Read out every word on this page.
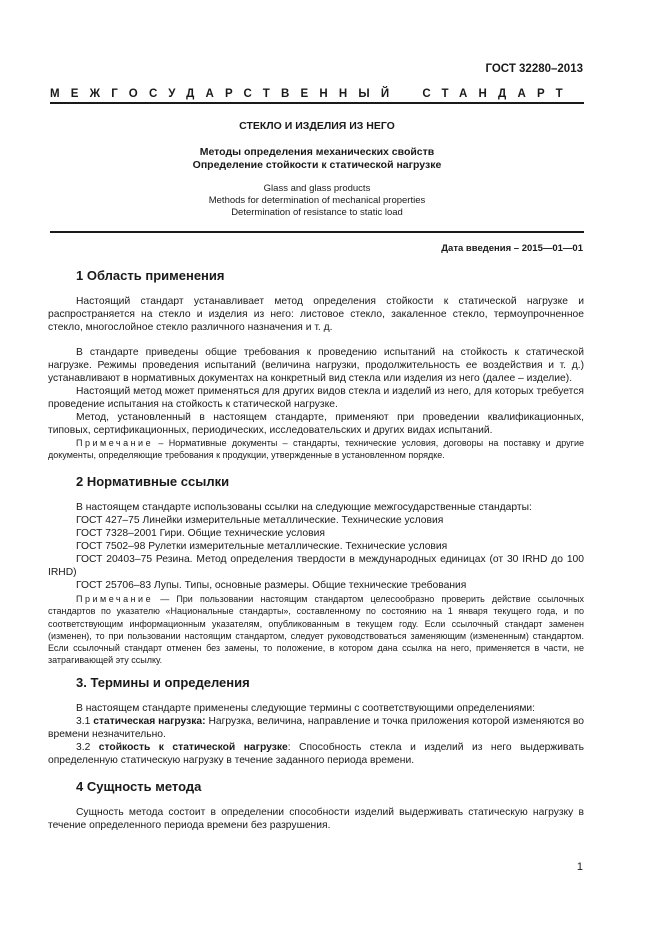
ГОСТ 32280–2013
МЕЖГОСУДАРСТВЕННЫЙ СТАНДАРТ
СТЕКЛО И ИЗДЕЛИЯ ИЗ НЕГО
Методы определения механических свойств
Определение стойкости к статической нагрузке
Glass and glass products
Methods for determination of mechanical properties
Determination of resistance to static load
Дата введения – 2015—01—01
1 Область применения
Настоящий стандарт устанавливает метод определения стойкости к статической нагрузке и распространяется на стекло и изделия из него: листовое стекло, закаленное стекло, термоупрочненное стекло, многослойное стекло различного назначения и т. д.
В стандарте приведены общие требования к проведению испытаний на стойкость к статической нагрузке. Режимы проведения испытаний (величина нагрузки, продолжительность ее воздействия и т. д.) устанавливают в нормативных документах на конкретный вид стекла или изделия из него (далее – изделие).
Настоящий метод может применяться для других видов стекла и изделий из него, для которых требуется проведение испытания на стойкость к статической нагрузке.
Метод, установленный в настоящем стандарте, применяют при проведении квалификационных, типовых, сертификационных, периодических, исследовательских и других видах испытаний.
Примечание – Нормативные документы – стандарты, технические условия, договоры на поставку и другие документы, определяющие требования к продукции, утвержденные в установленном порядке.
2 Нормативные ссылки
В настоящем стандарте использованы ссылки на следующие межгосударственные стандарты:
ГОСТ 427–75 Линейки измерительные металлические. Технические условия
ГОСТ 7328–2001 Гири. Общие технические условия
ГОСТ 7502–98 Рулетки измерительные металлические. Технические условия
ГОСТ 20403–75 Резина. Метод определения твердости в международных единицах (от 30 IRHD до 100 IRHD)
ГОСТ 25706–83 Лупы. Типы, основные размеры. Общие технические требования
Примечание — При пользовании настоящим стандартом целесообразно проверить действие ссылочных стандартов по указателю «Национальные стандарты», составленному по состоянию на 1 января текущего года, и по соответствующим информационным указателям, опубликованным в текущем году. Если ссылочный стандарт заменен (изменен), то при пользовании настоящим стандартом, следует руководствоваться заменяющим (измененным) стандартом. Если ссылочный стандарт отменен без замены, то положение, в котором дана ссылка на него, применяется в части, не затрагивающей эту ссылку.
3. Термины и определения
В настоящем стандарте применены следующие термины с соответствующими определениями:
3.1 статическая нагрузка: Нагрузка, величина, направление и точка приложения которой изменяются во времени незначительно.
3.2 стойкость к статической нагрузке: Способность стекла и изделий из него выдерживать определенную статическую нагрузку в течение заданного периода времени.
4 Сущность метода
Сущность метода состоит в определении способности изделий выдерживать статическую нагрузку в течение определенного периода времени без разрушения.
1
